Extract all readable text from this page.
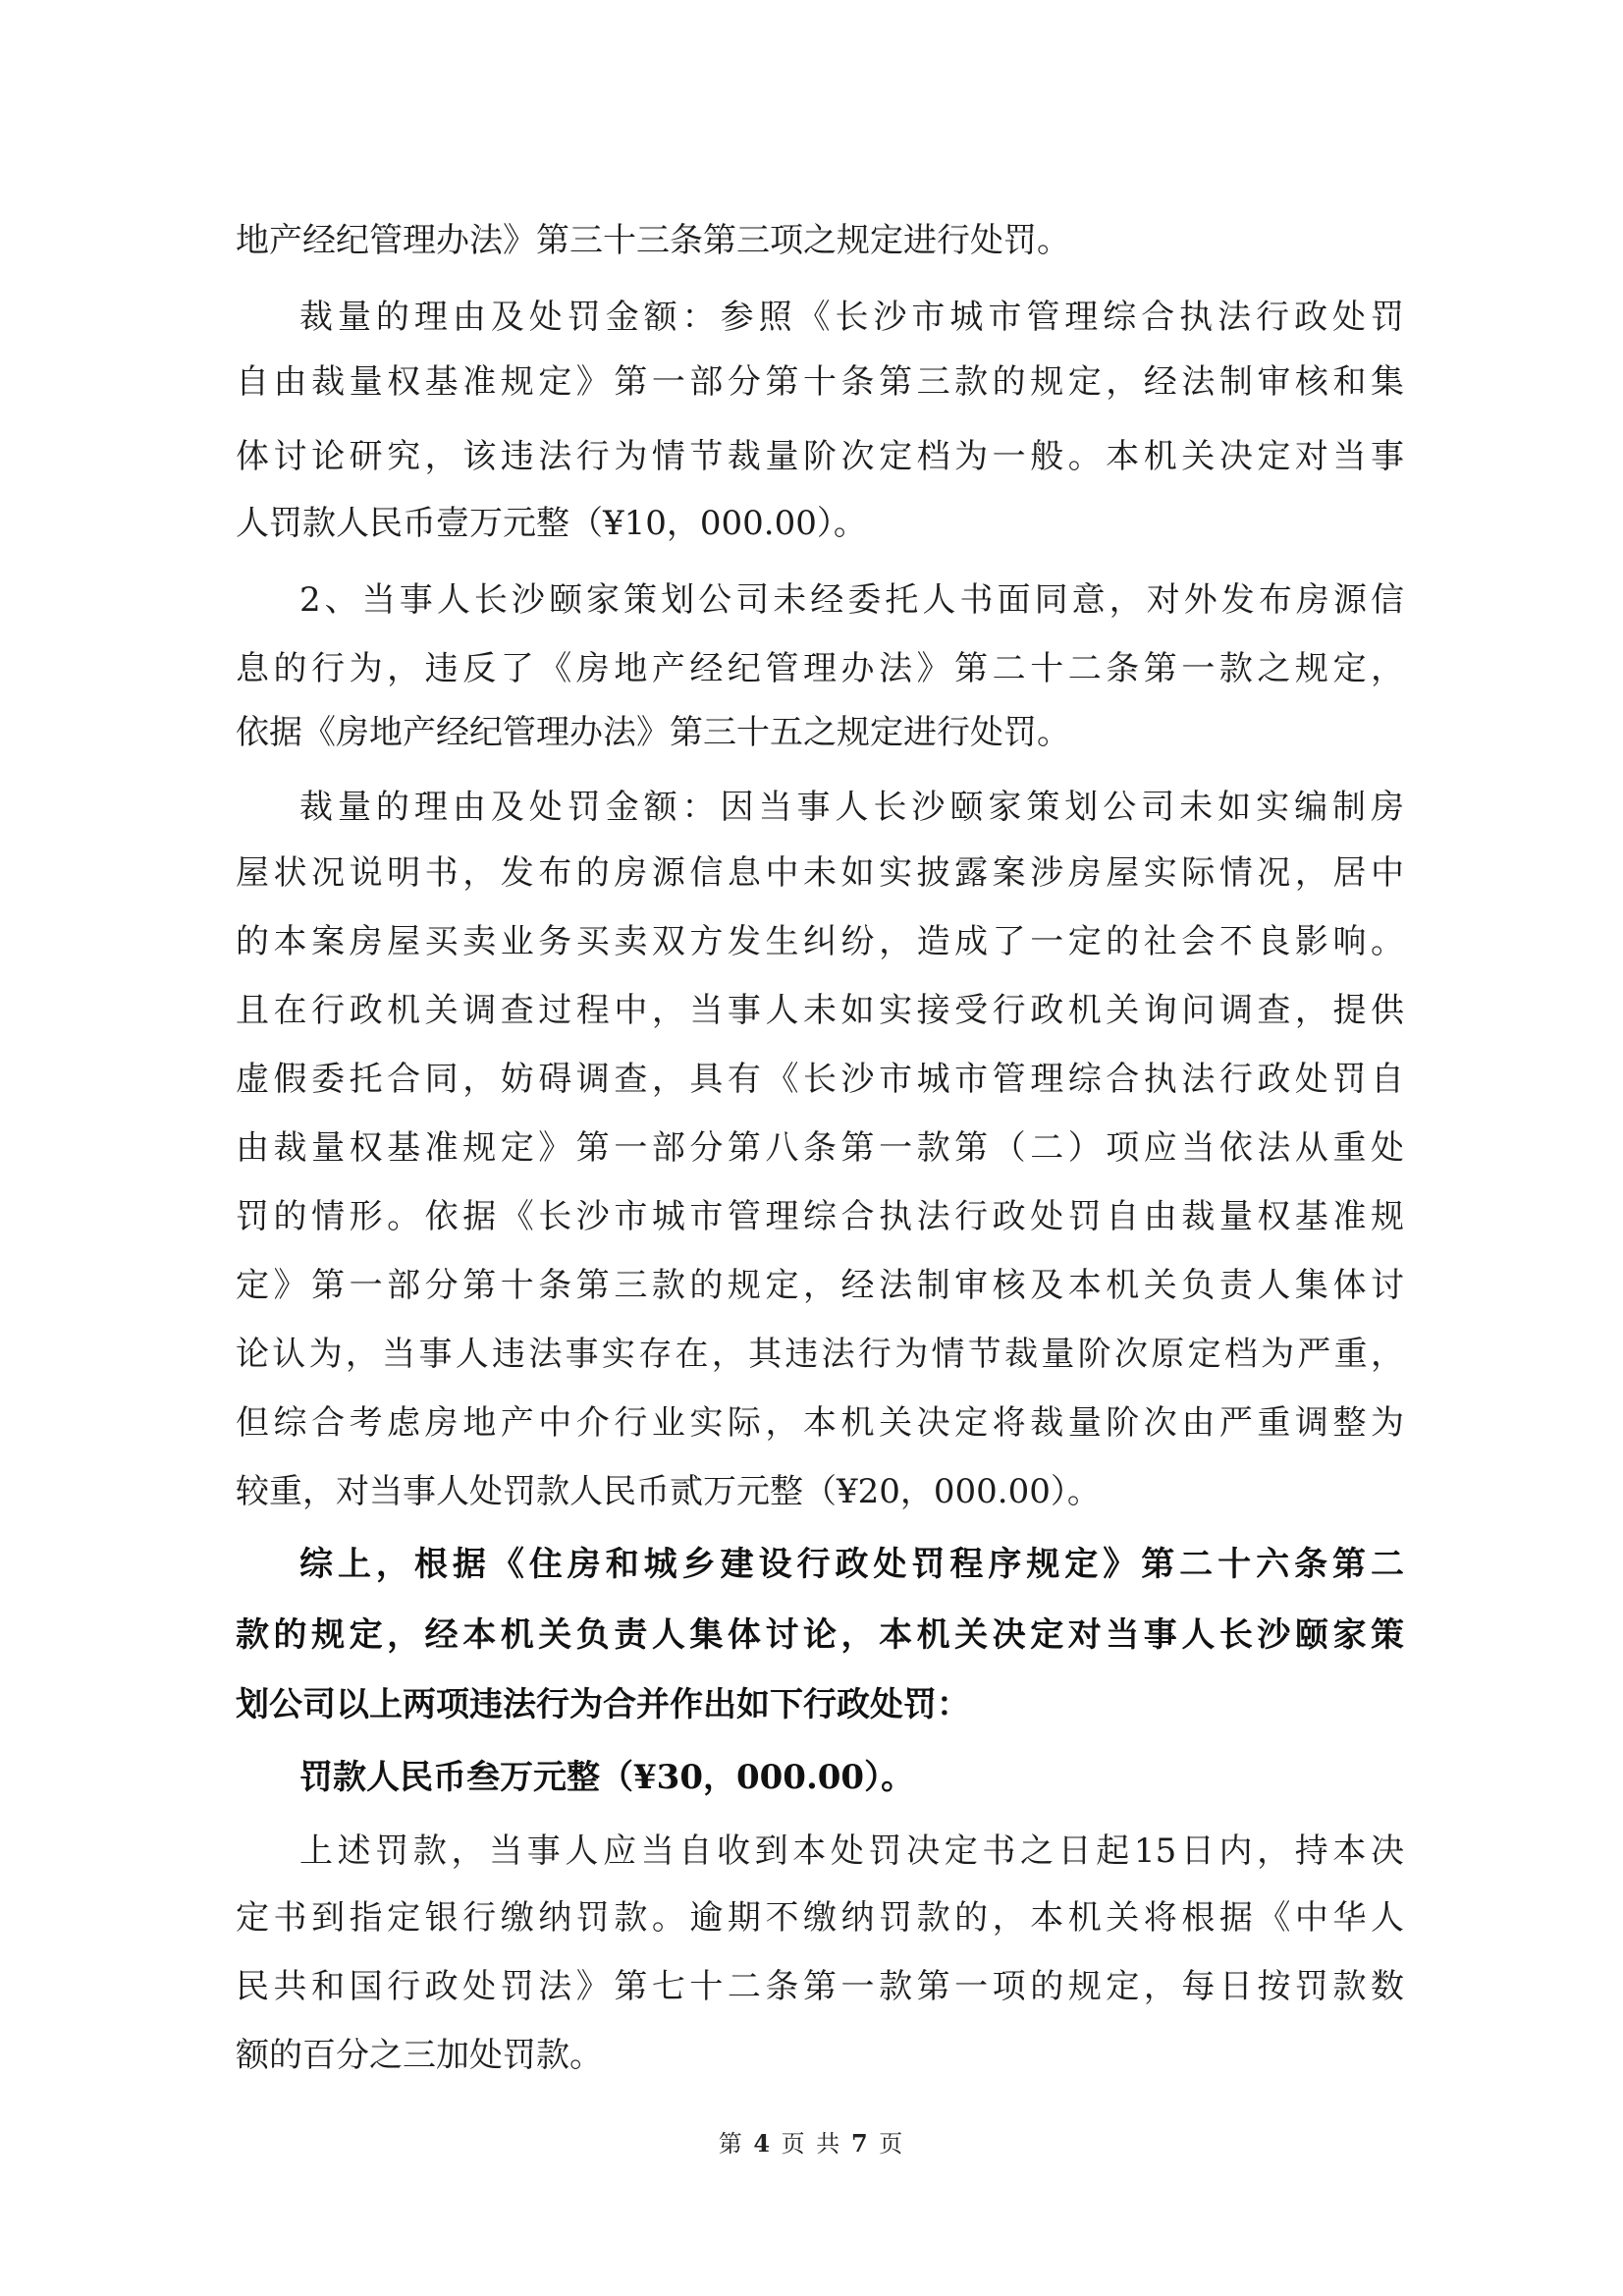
地产经纪管理办法》第三十三条第三项之规定进行处罚。

裁量的理由及处罚金额：参照《长沙市城市管理综合执法行政处罚

自由裁量权基准规定》第一部分第十条第三款的规定，经法制审核和集

体讨论研究，该违法行为情节裁量阶次定档为一般。本机关决定对当事

人罚款人民币壹万元整（¥10，000.00）。

2、当事人长沙颐家策划公司未经委托人书面同意，对外发布房源信

息的行为，违反了《房地产经纪管理办法》第二十二条第一款之规定，

依据《房地产经纪管理办法》第三十五之规定进行处罚。

裁量的理由及处罚金额：因当事人长沙颐家策划公司未如实编制房

屋状况说明书，发布的房源信息中未如实披露案涉房屋实际情况，居中

的本案房屋买卖业务买卖双方发生纠纷，造成了一定的社会不良影响。

且在行政机关调查过程中，当事人未如实接受行政机关询问调查，提供

虚假委托合同，妨碍调查，具有《长沙市城市管理综合执法行政处罚自

由裁量权基准规定》第一部分第八条第一款第（二）项应当依法从重处

罚的情形。依据《长沙市城市管理综合执法行政处罚自由裁量权基准规

定》第一部分第十条第三款的规定，经法制审核及本机关负责人集体讨

论认为，当事人违法事实存在，其违法行为情节裁量阶次原定档为严重，

但综合考虑房地产中介行业实际，本机关决定将裁量阶次由严重调整为

较重，对当事人处罚款人民币贰万元整（¥20，000.00）。

综上，根据《住房和城乡建设行政处罚程序规定》第二十六条第二

款的规定，经本机关负责人集体讨论，本机关决定对当事人长沙颐家策

划公司以上两项违法行为合并作出如下行政处罚：

罚款人民币叁万元整（¥30，000.00）。

上述罚款，当事人应当自收到本处罚决定书之日起15日内，持本决

定书到指定银行缴纳罚款。逾期不缴纳罚款的，本机关将根据《中华人

民共和国行政处罚法》第七十二条第一款第一项的规定，每日按罚款数

额的百分之三加处罚款。

第 4 页 共 7 页
